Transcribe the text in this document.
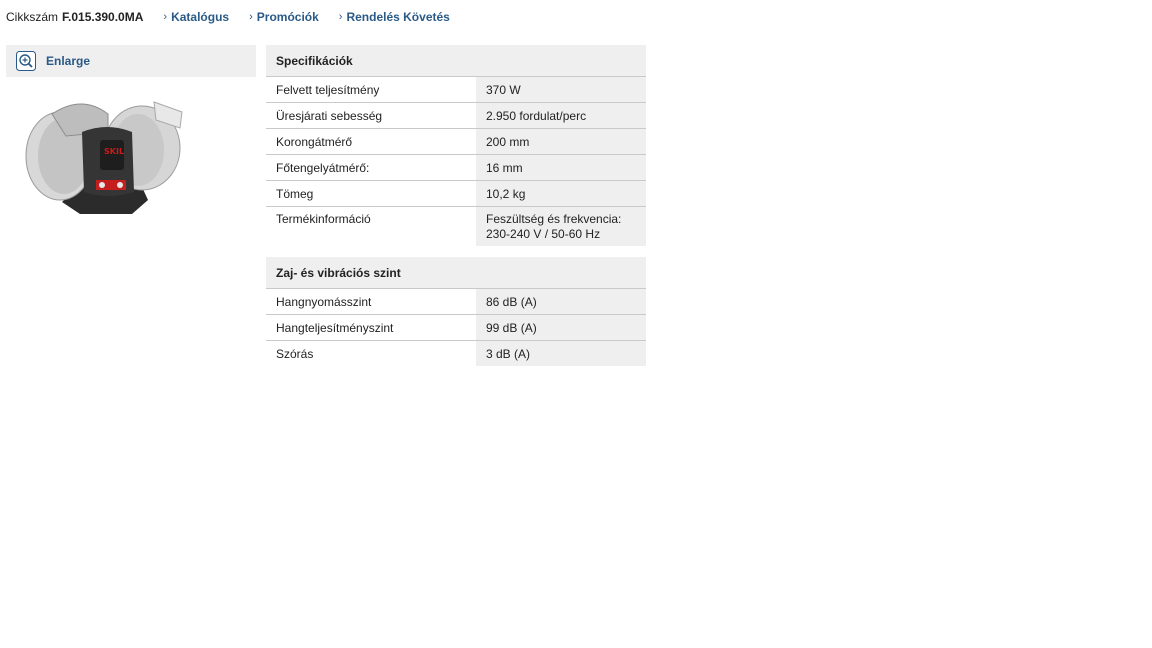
Cikkszám F.015.390.0MA › Katalógus › Promóciók › Rendelés Követés
Enlarge
SKIL
Specifikációk	
Felvett teljesítmény	370 W
Üresjárati sebesség	2.950 fordulat/perc
Korongátmérő	200 mm
Főtengelyátmérő:	16 mm
Tömeg	10,2 kg
Termékinformáció	Feszültség és frekvencia:
230-240 V / 50-60 Hz
Zaj- és vibrációs szint	
Hangnyomásszint	86 dB (A)
Hangteljesítményszint	99 dB (A)
Szórás	3 dB (A)
